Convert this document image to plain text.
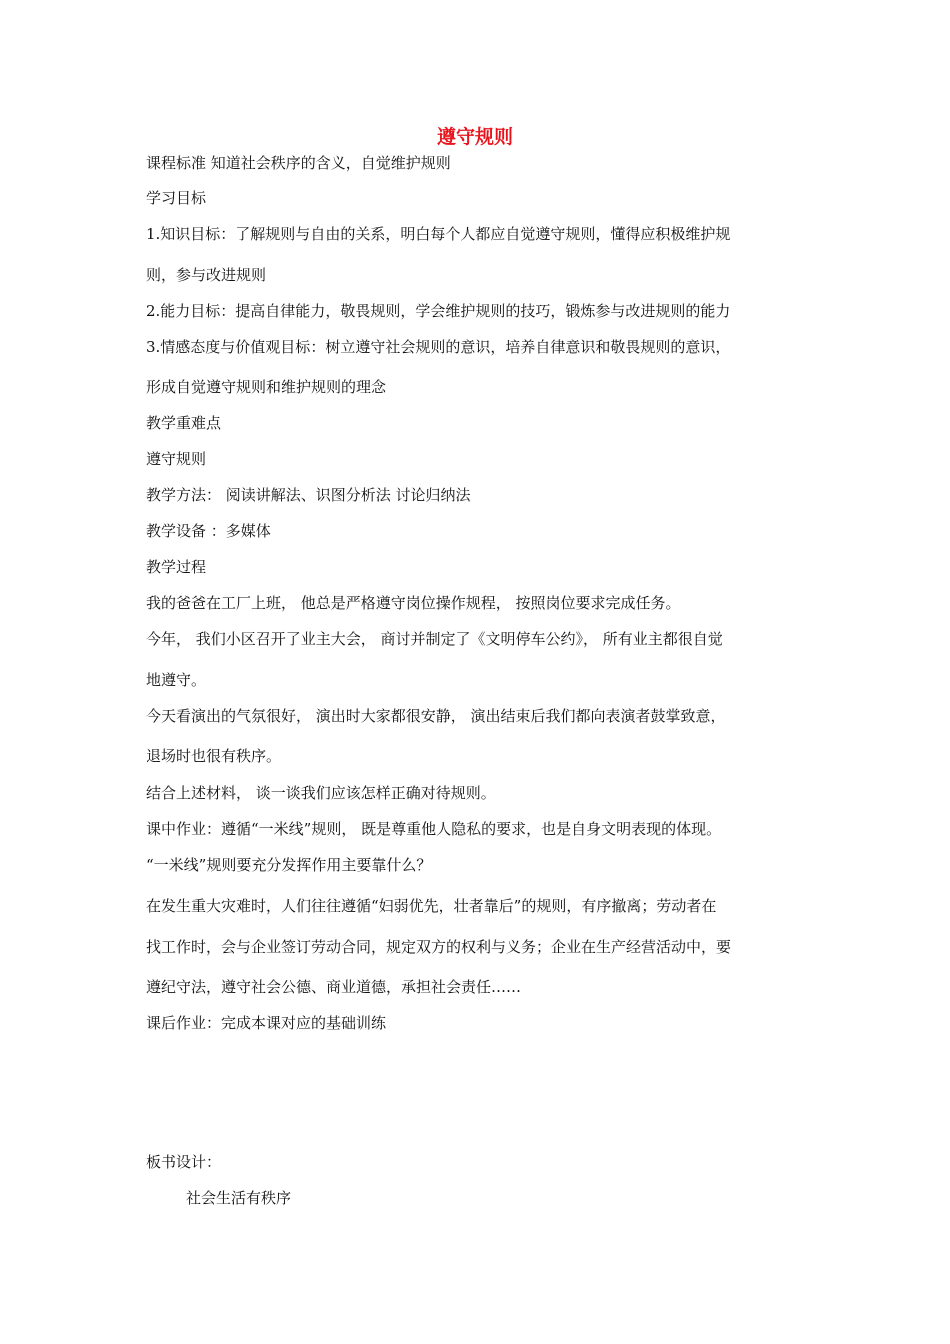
遵守规则
课程标准 知道社会秩序的含义，自觉维护规则
学习目标
1.知识目标：了解规则与自由的关系，明白每个人都应自觉遵守规则，懂得应积极维护规
则，参与改进规则
2.能力目标：提高自律能力，敬畏规则，学会维护规则的技巧，锻炼参与改进规则的能力
3.情感态度与价值观目标：树立遵守社会规则的意识，培养自律意识和敬畏规则的意识，
形成自觉遵守规则和维护规则的理念
教学重难点
遵守规则
教学方法： 阅读讲解法、识图分析法 讨论归纳法
教学设备 ：多媒体
教学过程
我的爸爸在工厂上班， 他总是严格遵守岗位操作规程， 按照岗位要求完成任务。
今年， 我们小区召开了业主大会， 商讨并制定了《文明停车公约》， 所有业主都很自觉
地遵守。
今天看演出的气氛很好， 演出时大家都很安静， 演出结束后我们都向表演者鼓掌致意，
退场时也很有秩序。
结合上述材料， 谈一谈我们应该怎样正确对待规则。
课中作业：遵循“一米线”规则， 既是尊重他人隐私的要求，也是自身文明表现的体现。
“一米线”规则要充分发挥作用主要靠什么？
在发生重大灾难时，人们往往遵循“妇弱优先，壮者靠后”的规则，有序撤离；劳动者在
找工作时，会与企业签订劳动合同，规定双方的权利与义务；企业在生产经营活动中，要
遵纪守法，遵守社会公德、商业道德，承担社会责任……
课后作业：完成本课对应的基础训练
板书设计：
社会生活有秩序
